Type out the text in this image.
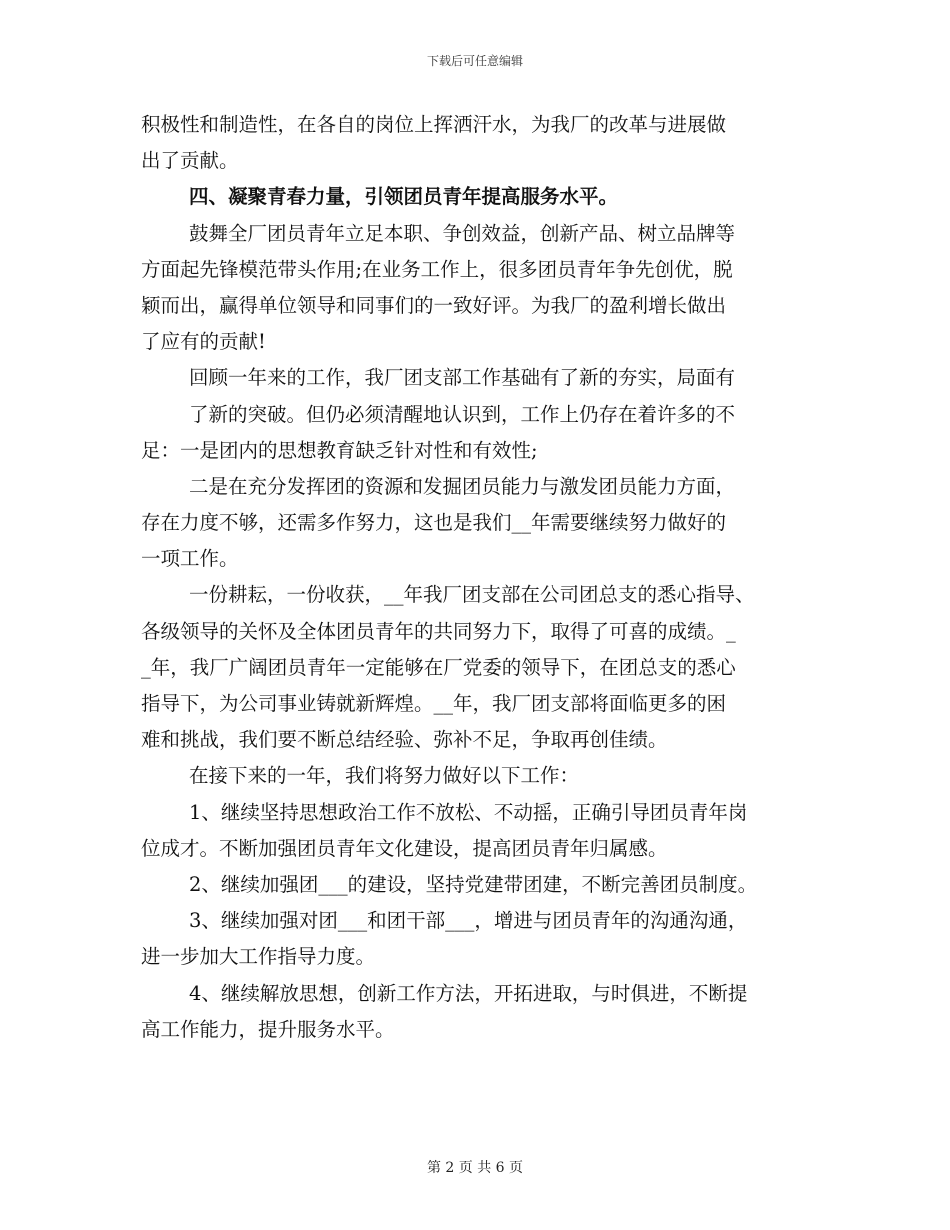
下载后可任意编辑
积极性和制造性，在各自的岗位上挥洒汗水，为我厂的改革与进展做
出了贡献。
四、凝聚青春力量，引领团员青年提高服务水平。
鼓舞全厂团员青年立足本职、争创效益，创新产品、树立品牌等
方面起先锋模范带头作用;在业务工作上，很多团员青年争先创优，脱
颖而出，赢得单位领导和同事们的一致好评。为我厂的盈利增长做出
了应有的贡献!
回顾一年来的工作，我厂团支部工作基础有了新的夯实，局面有
了新的突破。但仍必须清醒地认识到，工作上仍存在着许多的不
足：一是团内的思想教育缺乏针对性和有效性;
二是在充分发挥团的资源和发掘团员能力与激发团员能力方面，
存在力度不够，还需多作努力，这也是我们__年需要继续努力做好的
一项工作。
一份耕耘，一份收获，__年我厂团支部在公司团总支的悉心指导、
各级领导的关怀及全体团员青年的共同努力下，取得了可喜的成绩。_
_年，我厂广阔团员青年一定能够在厂党委的领导下，在团总支的悉心
指导下，为公司事业铸就新辉煌。__年，我厂团支部将面临更多的困
难和挑战，我们要不断总结经验、弥补不足，争取再创佳绩。
在接下来的一年，我们将努力做好以下工作：
1、继续坚持思想政治工作不放松、不动摇，正确引导团员青年岗
位成才。不断加强团员青年文化建设，提高团员青年归属感。
2、继续加强团___的建设，坚持党建带团建，不断完善团员制度。
3、继续加强对团___和团干部___，增进与团员青年的沟通沟通，
进一步加大工作指导力度。
4、继续解放思想，创新工作方法，开拓进取，与时俱进，不断提
高工作能力，提升服务水平。
第 2 页 共 6 页
